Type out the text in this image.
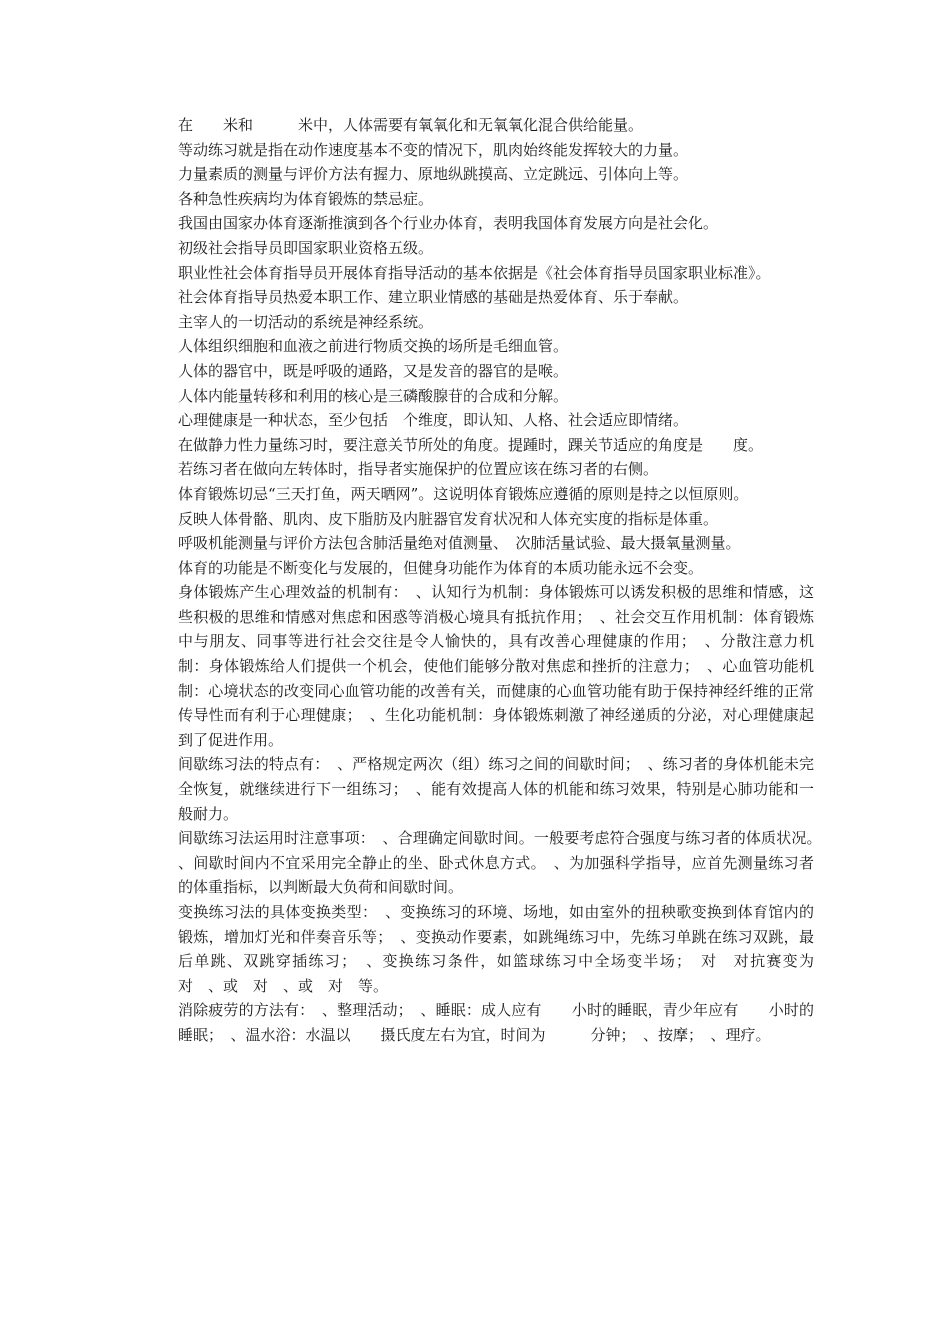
在　　米和　　　米中，人体需要有氧氧化和无氧氧化混合供给能量。

等动练习就是指在动作速度基本不变的情况下，肌肉始终能发挥较大的力量。

力量素质的测量与评价方法有握力、原地纵跳摸高、立定跳远、引体向上等。

各种急性疾病均为体育锻炼的禁忌症。

我国由国家办体育逐渐推演到各个行业办体育，表明我国体育发展方向是社会化。

初级社会指导员即国家职业资格五级。

职业性社会体育指导员开展体育指导活动的基本依据是《社会体育指导员国家职业标准》。

社会体育指导员热爱本职工作、建立职业情感的基础是热爱体育、乐于奉献。

主宰人的一切活动的系统是神经系统。

人体组织细胞和血液之前进行物质交换的场所是毛细血管。

人体的器官中，既是呼吸的通路，又是发音的器官的是喉。

人体内能量转移和利用的核心是三磷酸腺苷的合成和分解。

心理健康是一种状态，至少包括　个维度，即认知、人格、社会适应即情绪。

在做静力性力量练习时，要注意关节所处的角度。提踵时，踝关节适应的角度是　　度。

若练习者在做向左转体时，指导者实施保护的位置应该在练习者的右侧。

体育锻炼切忌“三天打鱼，两天晒网”。这说明体育锻炼应遵循的原则是持之以恒原则。

反映人体骨骼、肌肉、皮下脂肪及内脏器官发育状况和人体充实度的指标是体重。

呼吸机能测量与评价方法包含肺活量绝对值测量、　次肺活量试验、最大摄氧量测量。

体育的功能是不断变化与发展的，但健身功能作为体育的本质功能永远不会变。

身体锻炼产生心理效益的机制有：　、认知行为机制：身体锻炼可以诱发积极的思维和情感，这些积极的思维和情感对焦虑和困惑等消极心境具有抵抗作用；　、社会交互作用机制：体育锻炼中与朋友、同事等进行社会交往是令人愉快的，具有改善心理健康的作用；　、分散注意力机制：身体锻炼给人们提供一个机会，使他们能够分散对焦虑和挫折的注意力；　、心血管功能机制：心境状态的改变同心血管功能的改善有关，而健康的心血管功能有助于保持神经纤维的正常传导性而有利于心理健康；　、生化功能机制：身体锻炼刺激了神经递质的分泌，对心理健康起到了促进作用。

间歇练习法的特点有：　、严格规定两次（组）练习之间的间歇时间；　、练习者的身体机能未完全恢复，就继续进行下一组练习；　、能有效提高人体的机能和练习效果，特别是心肺功能和一般耐力。

间歇练习法运用时注意事项：　、合理确定间歇时间。一般要考虑符合强度与练习者的体质状况。　、间歇时间内不宜采用完全静止的坐、卧式休息方式。　、为加强科学指导，应首先测量练习者的体重指标，以判断最大负荷和间歇时间。

变换练习法的具体变换类型：　、变换练习的环境、场地，如由室外的扭秧歌变换到体育馆内的锻炼，增加灯光和伴奏音乐等；　、变换动作要素，如跳绳练习中，先练习单跳在练习双跳，最后单跳、双跳穿插练习；　、变换练习条件，如篮球练习中全场变半场；　对　对抗赛变为　对　、或　对　、或　对　等。

消除疲劳的方法有：　、整理活动；　、睡眠：成人应有　　小时的睡眠，青少年应有　　小时的睡眠；　、温水浴：水温以　　摄氏度左右为宜，时间为　　　分钟；　、按摩；　、理疗。
